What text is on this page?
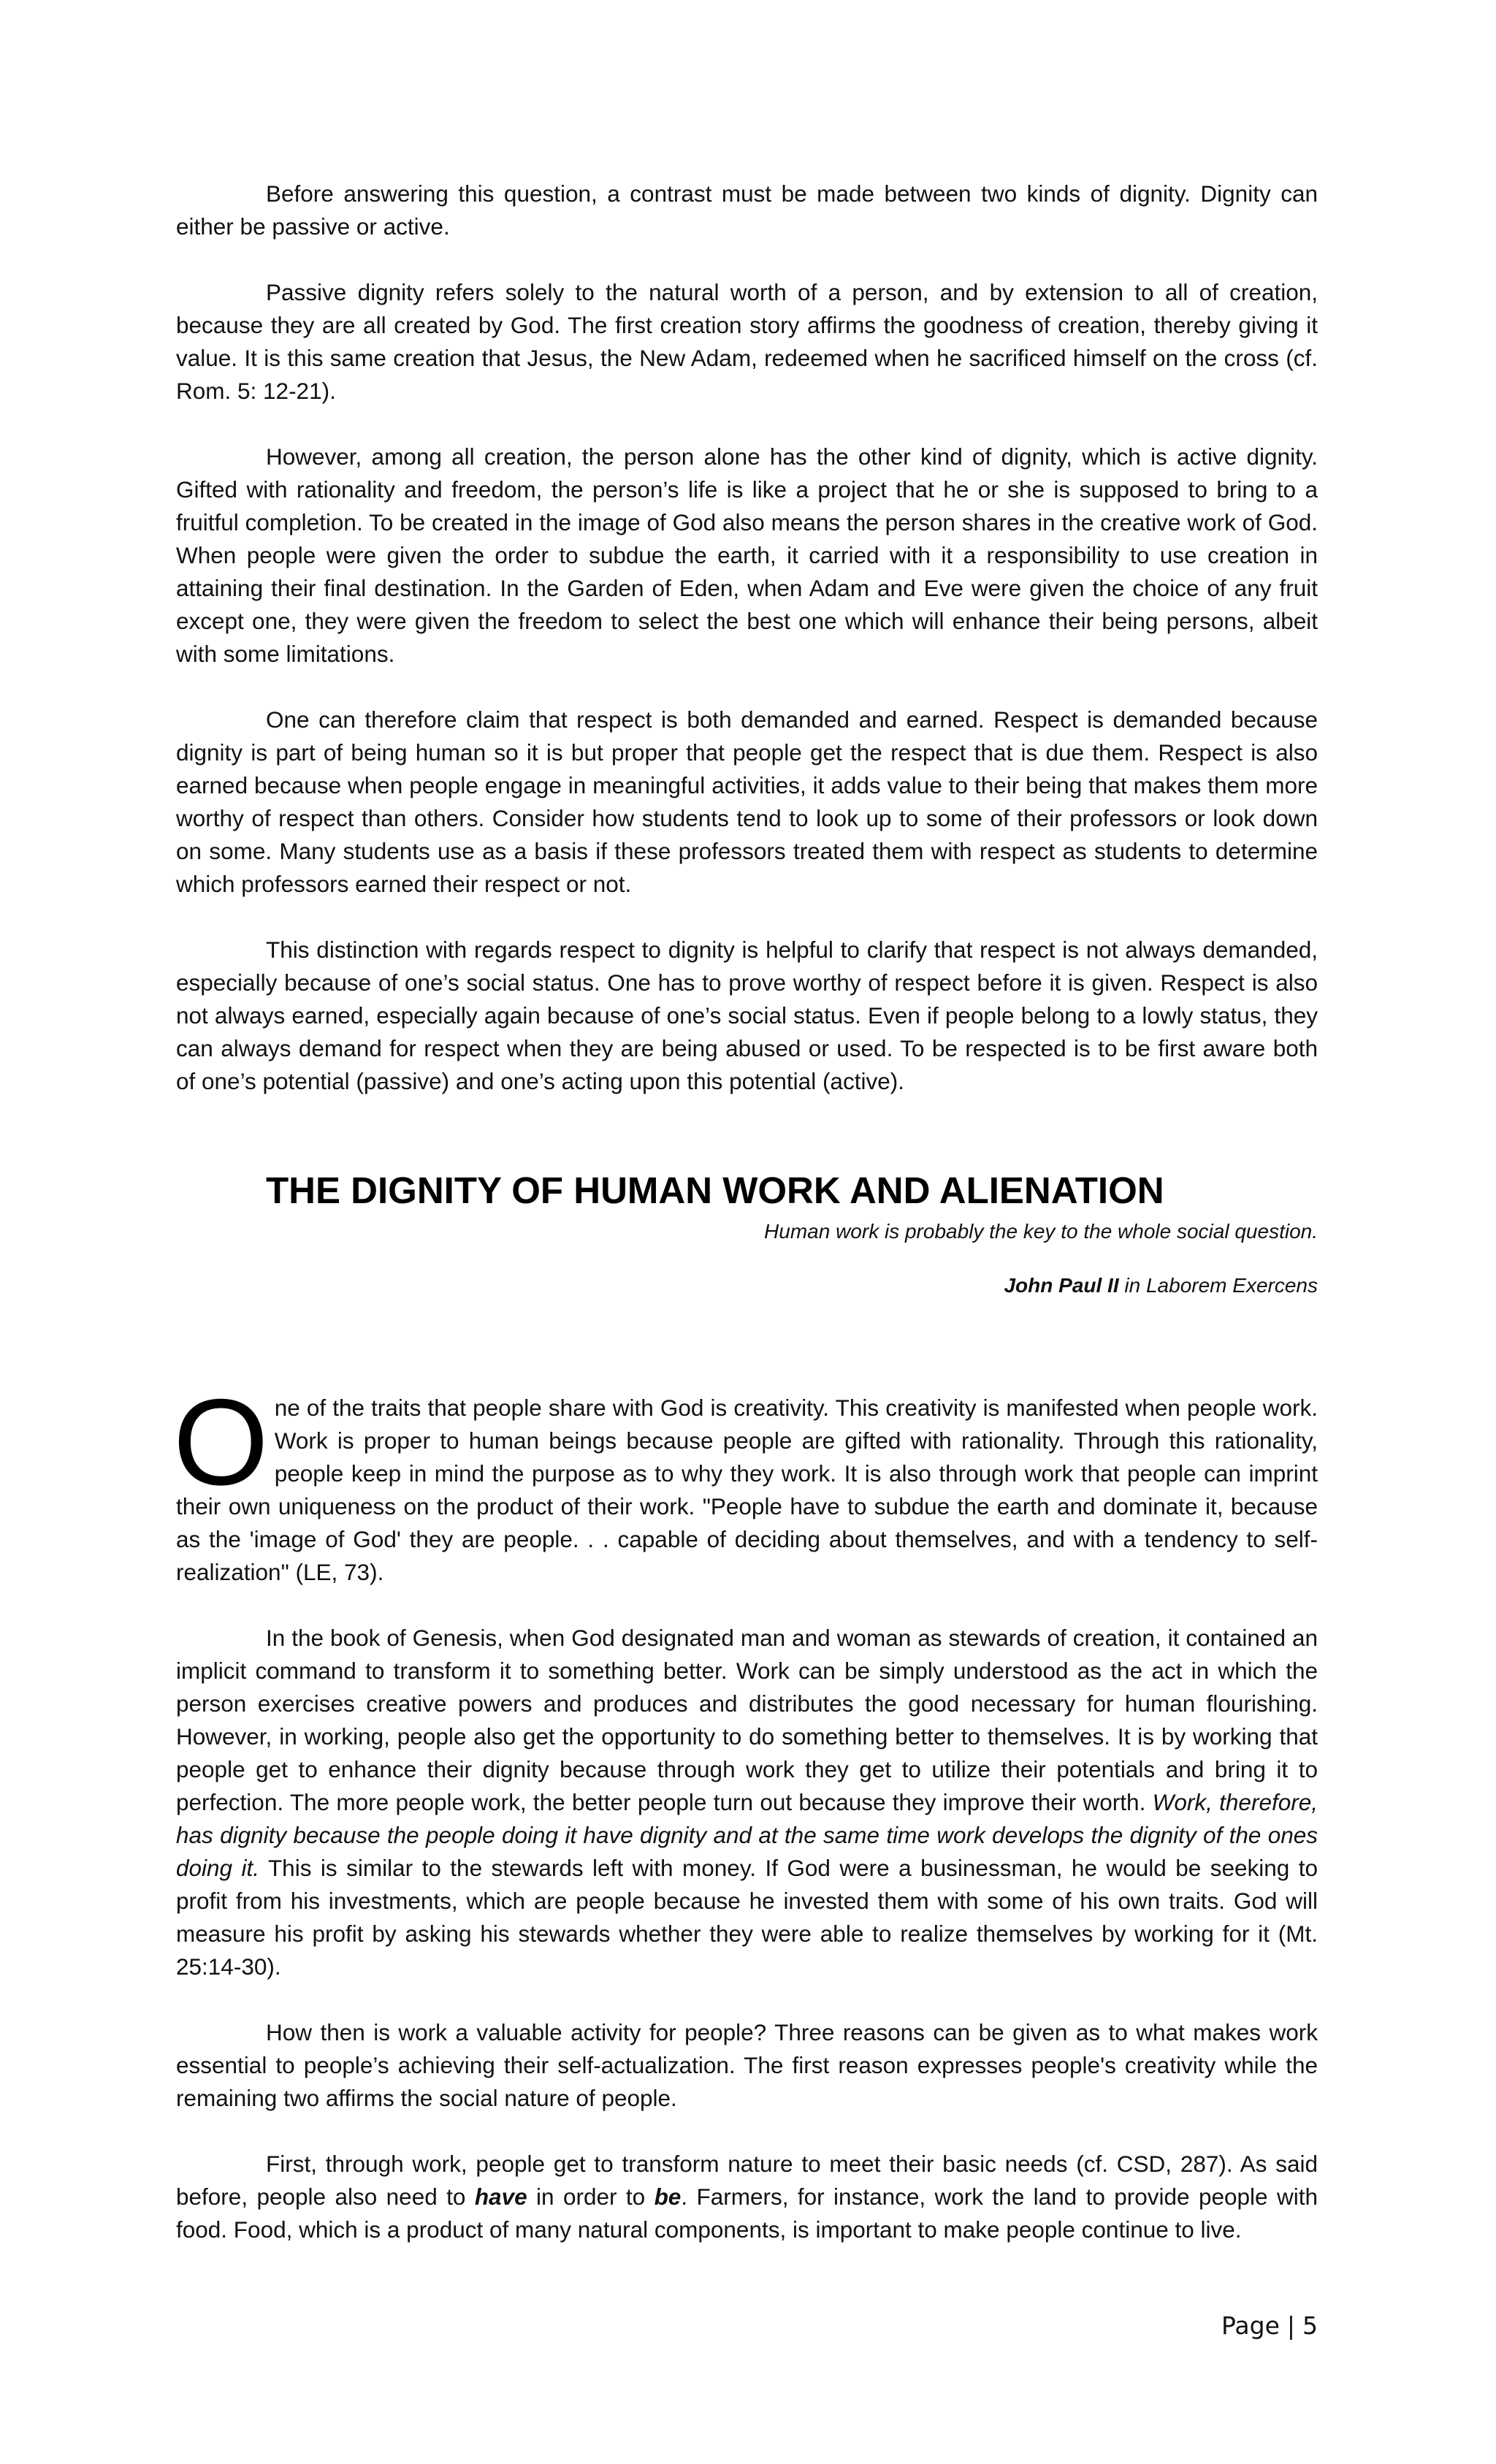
Before answering this question, a contrast must be made between two kinds of dignity. Dignity can either be passive or active.

Passive dignity refers solely to the natural worth of a person, and by extension to all of creation, because they are all created by God. The first creation story affirms the goodness of creation, thereby giving it value. It is this same creation that Jesus, the New Adam, redeemed when he sacrificed himself on the cross (cf. Rom. 5: 12-21).

However, among all creation, the person alone has the other kind of dignity, which is active dignity. Gifted with rationality and freedom, the person’s life is like a project that he or she is supposed to bring to a fruitful completion. To be created in the image of God also means the person shares in the creative work of God. When people were given the order to subdue the earth, it carried with it a responsibility to use creation in attaining their final destination. In the Garden of Eden, when Adam and Eve were given the choice of any fruit except one, they were given the freedom to select the best one which will enhance their being persons, albeit with some limitations.

One can therefore claim that respect is both demanded and earned. Respect is demanded because dignity is part of being human so it is but proper that people get the respect that is due them. Respect is also earned because when people engage in meaningful activities, it adds value to their being that makes them more worthy of respect than others. Consider how students tend to look up to some of their professors or look down on some. Many students use as a basis if these professors treated them with respect as students to determine which professors earned their respect or not.

This distinction with regards respect to dignity is helpful to clarify that respect is not always demanded, especially because of one’s social status. One has to prove worthy of respect before it is given. Respect is also not always earned, especially again because of one’s social status. Even if people belong to a lowly status, they can always demand for respect when they are being abused or used. To be respected is to be first aware both of one’s potential (passive) and one’s acting upon this potential (active).

THE DIGNITY OF HUMAN WORK AND ALIENATION
Human work is probably the key to the whole social question.
John Paul II in Laborem Exercens

One of the traits that people share with God is creativity. This creativity is manifested when people work. Work is proper to human beings because people are gifted with rationality. Through this rationality, people keep in mind the purpose as to why they work. It is also through work that people can imprint their own uniqueness on the product of their work. "People have to subdue the earth and dominate it, because as the 'image of God' they are people. . . capable of deciding about themselves, and with a tendency to self-realization" (LE, 73).

In the book of Genesis, when God designated man and woman as stewards of creation, it contained an implicit command to transform it to something better. Work can be simply understood as the act in which the person exercises creative powers and produces and distributes the good necessary for human flourishing. However, in working, people also get the opportunity to do something better to themselves. It is by working that people get to enhance their dignity because through work they get to utilize their potentials and bring it to perfection. The more people work, the better people turn out because they improve their worth. Work, therefore, has dignity because the people doing it have dignity and at the same time work develops the dignity of the ones doing it. This is similar to the stewards left with money. If God were a businessman, he would be seeking to profit from his investments, which are people because he invested them with some of his own traits. God will measure his profit by asking his stewards whether they were able to realize themselves by working for it (Mt. 25:14-30).

How then is work a valuable activity for people? Three reasons can be given as to what makes work essential to people’s achieving their self-actualization. The first reason expresses people's creativity while the remaining two affirms the social nature of people.

First, through work, people get to transform nature to meet their basic needs (cf. CSD, 287). As said before, people also need to have in order to be. Farmers, for instance, work the land to provide people with food. Food, which is a product of many natural components, is important to make people continue to live.

Page | 5
